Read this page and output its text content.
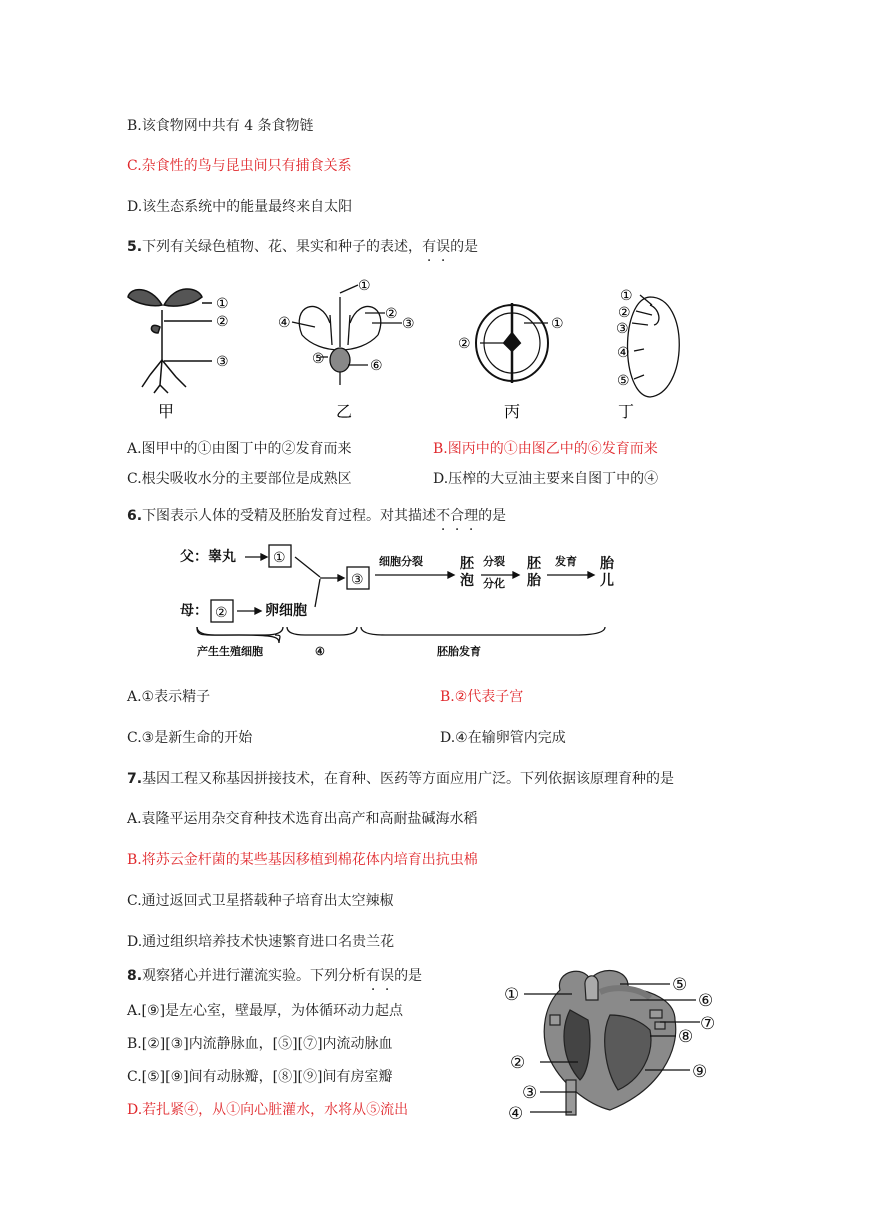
B.该食物网中共有 4 条食物链
C.杂食性的鸟与昆虫间只有捕食关系
D.该生态系统中的能量最终来自太阳
5.下列有关绿色植物、花、果实和种子的表述，有误的是
①
②
③
甲
①
④
②
③
⑤	⑥
乙
①
②
丙
①
②
③
④
⑤
丁
A.图甲中的①由图丁中的②发育而来	B.图丙中的①由图乙中的⑥发育而来
C.根尖吸收水分的主要部位是成熟区	D.压榨的大豆油主要来自图丁中的④
6.下图表示人体的受精及胚胎发育过程。对其描述不合理的是
父：睾丸
母：	卵细胞
胚
泡
胚
胎
胎
儿
细胞分裂	分裂
分化
发育
产生生殖细胞	④	胚胎发育
①
②
③
A.①表示精子	B.②代表子宫
C.③是新生命的开始	D.④在输卵管内完成
7.基因工程又称基因拼接技术，在育种、医药等方面应用广泛。下列依据该原理育种的是
A.袁隆平运用杂交育种技术选育出高产和高耐盐碱海水稻
B.将苏云金杆菌的某些基因移植到棉花体内培育出抗虫棉
C.通过返回式卫星搭载种子培育出太空辣椒
D.通过组织培养技术快速繁育进口名贵兰花
8.观察猪心并进行灌流实验。下列分析有误的是
A.[⑨]是左心室，壁最厚，为体循环动力起点
B.[②][③]内流静脉血，[⑤][⑦]内流动脉血
C.[⑤][⑨]间有动脉瓣，[⑧][⑨]间有房室瓣
D.若扎紧④，从①向心脏灌水，水将从⑤流出
①
②
③
④
⑤
⑥
⑦
⑧
⑨
